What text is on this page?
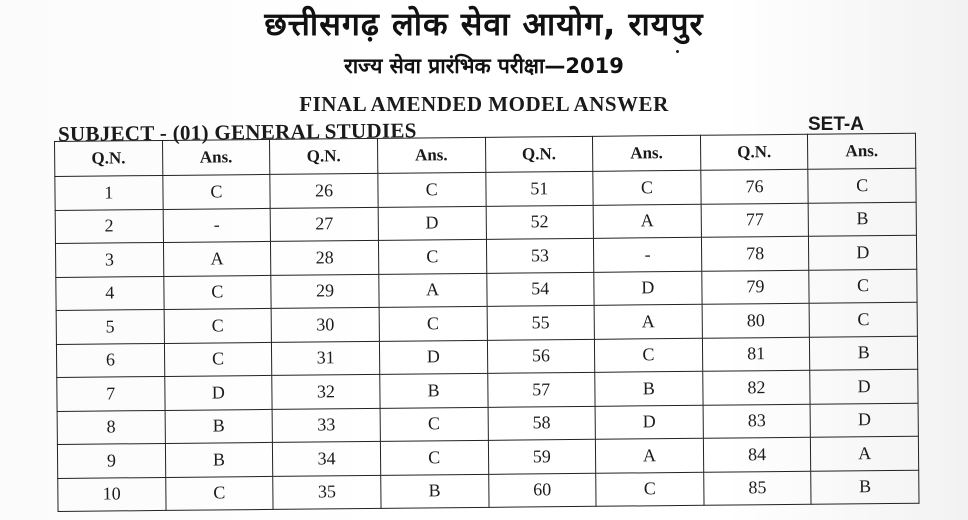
छत्तीसगढ़ लोक सेवा आयोग, रायपुर
राज्य सेवा प्रारंभिक परीक्षा—2019
FINAL AMENDED MODEL ANSWER
SUBJECT - (01) GENERAL STUDIES	SET-A
Q.N.	Ans.	Q.N.	Ans.	Q.N.	Ans.	Q.N.	Ans.
1	C	26	C	51	C	76	C
2	-	27	D	52	A	77	B
3	A	28	C	53	-	78	D
4	C	29	A	54	D	79	C
5	C	30	C	55	A	80	C
6	C	31	D	56	C	81	B
7	D	32	B	57	B	82	D
8	B	33	C	58	D	83	D
9	B	34	C	59	A	84	A
10	C	35	B	60	C	85	B
